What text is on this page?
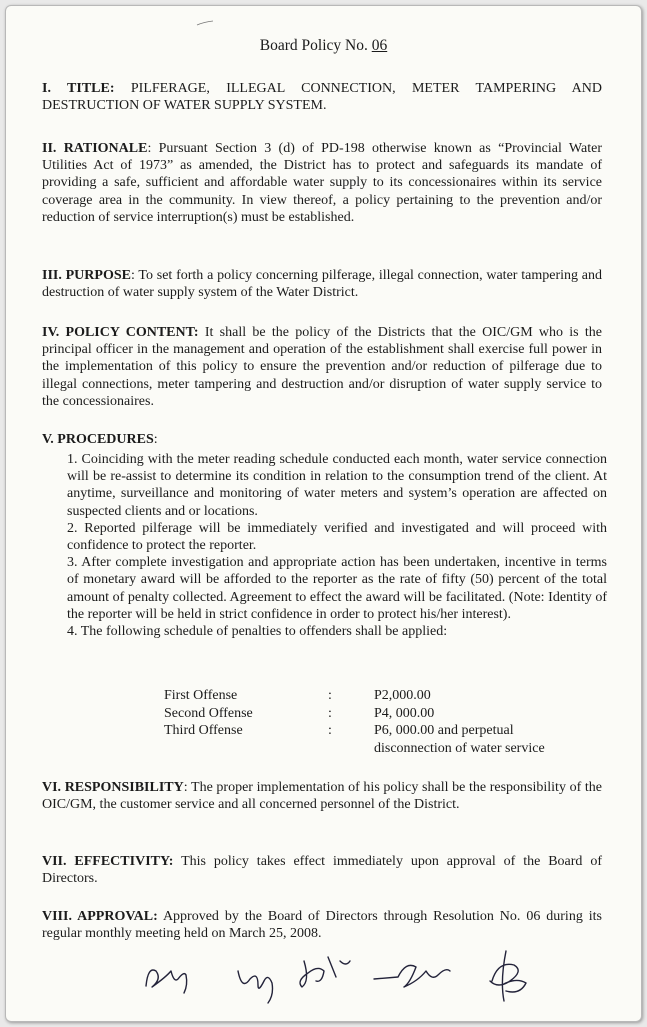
Board Policy No. 06
I. TITLE: PILFERAGE, ILLEGAL CONNECTION, METER TAMPERING AND DESTRUCTION OF WATER SUPPLY SYSTEM.
II. RATIONALE: Pursuant Section 3 (d) of PD-198 otherwise known as “Provincial Water Utilities Act of 1973” as amended, the District has to protect and safeguards its mandate of providing a safe, sufficient and affordable water supply to its concessionaires within its service coverage area in the community. In view thereof, a policy pertaining to the prevention and/or reduction of service interruption(s) must be established.
III. PURPOSE: To set forth a policy concerning pilferage, illegal connection, water tampering and destruction of water supply system of the Water District.
IV. POLICY CONTENT: It shall be the policy of the Districts that the OIC/GM who is the principal officer in the management and operation of the establishment shall exercise full power in the implementation of this policy to ensure the prevention and/or reduction of pilferage due to illegal connections, meter tampering and destruction and/or disruption of water supply service to the concessionaires.
V. PROCEDURES:

1. Coinciding with the meter reading schedule conducted each month, water service connection will be re-assist to determine its condition in relation to the consumption trend of the client. At anytime, surveillance and monitoring of water meters and system’s operation are affected on suspected clients and or locations.

2. Reported pilferage will be immediately verified and investigated and will proceed with confidence to protect the reporter.

3. After complete investigation and appropriate action has been undertaken, incentive in terms of monetary award will be afforded to the reporter as the rate of fifty (50) percent of the total amount of penalty collected. Agreement to effect the award will be facilitated. (Note: Identity of the reporter will be held in strict confidence in order to protect his/her interest).

4. The following schedule of penalties to offenders shall be applied:

First Offense	:	P2,000.00
Second Offense	:	P4, 000.00
Third Offense	:	P6, 000.00 and perpetual
disconnection of water service
VI. RESPONSIBILITY: The proper implementation of his policy shall be the responsibility of the OIC/GM, the customer service and all concerned personnel of the District.
VII. EFFECTIVITY: This policy takes effect immediately upon approval of the Board of Directors.
VIII. APPROVAL: Approved by the Board of Directors through Resolution No. 06 during its regular monthly meeting held on March 25, 2008.
